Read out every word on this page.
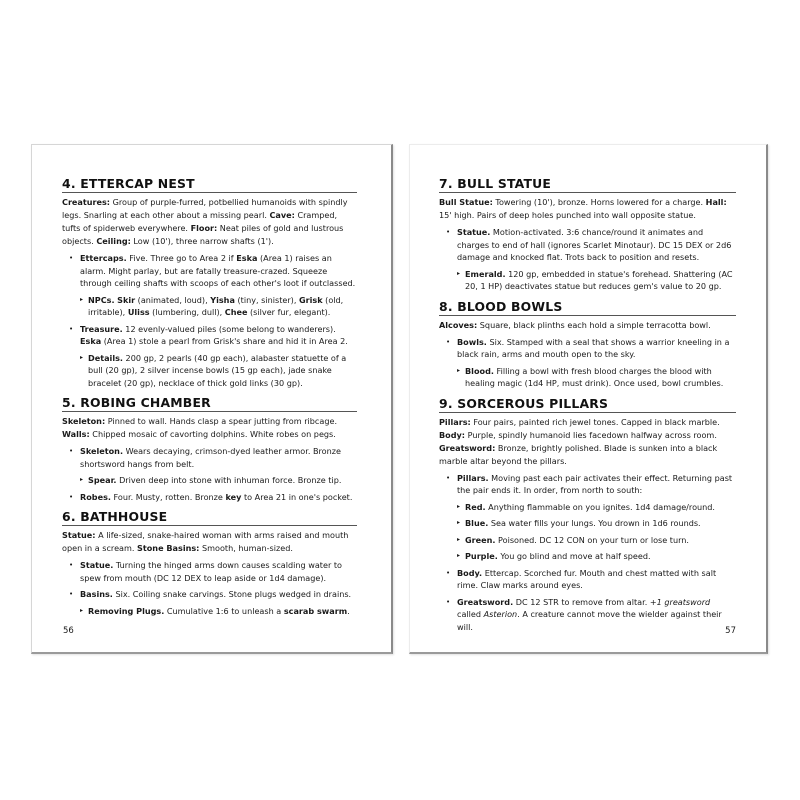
4. ETTERCAP NEST

Creatures: Group of purple-furred, potbellied humanoids with spindly legs. Snarling at each other about a missing pearl. Cave: Cramped, tufts of spiderweb everywhere. Floor: Neat piles of gold and lustrous objects. Ceiling: Low (10'), three narrow shafts (1').

• Ettercaps. Five. Three go to Area 2 if Eska (Area 1) raises an alarm. Might parlay, but are fatally treasure-crazed. Squeeze through ceiling shafts with scoops of each other's loot if outclassed.
▸ NPCs. Skir (animated, loud), Yisha (tiny, sinister), Grisk (old, irritable), Uliss (lumbering, dull), Chee (silver fur, elegant).
• Treasure. 12 evenly-valued piles (some belong to wanderers). Eska (Area 1) stole a pearl from Grisk's share and hid it in Area 2.
▸ Details. 200 gp, 2 pearls (40 gp each), alabaster statuette of a bull (20 gp), 2 silver incense bowls (15 gp each), jade snake bracelet (20 gp), necklace of thick gold links (30 gp).
5. ROBING CHAMBER

Skeleton: Pinned to wall. Hands clasp a spear jutting from ribcage. Walls: Chipped mosaic of cavorting dolphins. White robes on pegs.

• Skeleton. Wears decaying, crimson-dyed leather armor. Bronze shortsword hangs from belt.
▸ Spear. Driven deep into stone with inhuman force. Bronze tip.
• Robes. Four. Musty, rotten. Bronze key to Area 21 in one's pocket.
6. BATHHOUSE

Statue: A life-sized, snake-haired woman with arms raised and mouth open in a scream. Stone Basins: Smooth, human-sized.

• Statue. Turning the hinged arms down causes scalding water to spew from mouth (DC 12 DEX to leap aside or 1d4 damage).
• Basins. Six. Coiling snake carvings. Stone plugs wedged in drains.
▸ Removing Plugs. Cumulative 1:6 to unleash a scarab swarm.
56
7. BULL STATUE

Bull Statue: Towering (10'), bronze. Horns lowered for a charge. Hall: 15' high. Pairs of deep holes punched into wall opposite statue.

• Statue. Motion-activated. 3:6 chance/round it animates and charges to end of hall (ignores Scarlet Minotaur). DC 15 DEX or 2d6 damage and knocked flat. Trots back to position and resets.
▸ Emerald. 120 gp, embedded in statue's forehead. Shattering (AC 20, 1 HP) deactivates statue but reduces gem's value to 20 gp.
8. BLOOD BOWLS

Alcoves: Square, black plinths each hold a simple terracotta bowl.

• Bowls. Six. Stamped with a seal that shows a warrior kneeling in a black rain, arms and mouth open to the sky.
▸ Blood. Filling a bowl with fresh blood charges the blood with healing magic (1d4 HP, must drink). Once used, bowl crumbles.
9. SORCEROUS PILLARS

Pillars: Four pairs, painted rich jewel tones. Capped in black marble. Body: Purple, spindly humanoid lies facedown halfway across room. Greatsword: Bronze, brightly polished. Blade is sunken into a black marble altar beyond the pillars.

• Pillars. Moving past each pair activates their effect. Returning past the pair ends it. In order, from north to south:
▸ Red. Anything flammable on you ignites. 1d4 damage/round.
▸ Blue. Sea water fills your lungs. You drown in 1d6 rounds.
▸ Green. Poisoned. DC 12 CON on your turn or lose turn.
▸ Purple. You go blind and move at half speed.
• Body. Ettercap. Scorched fur. Mouth and chest matted with salt rime. Claw marks around eyes.
• Greatsword. DC 12 STR to remove from altar. +1 greatsword called Asterion. A creature cannot move the wielder against their will.	57
